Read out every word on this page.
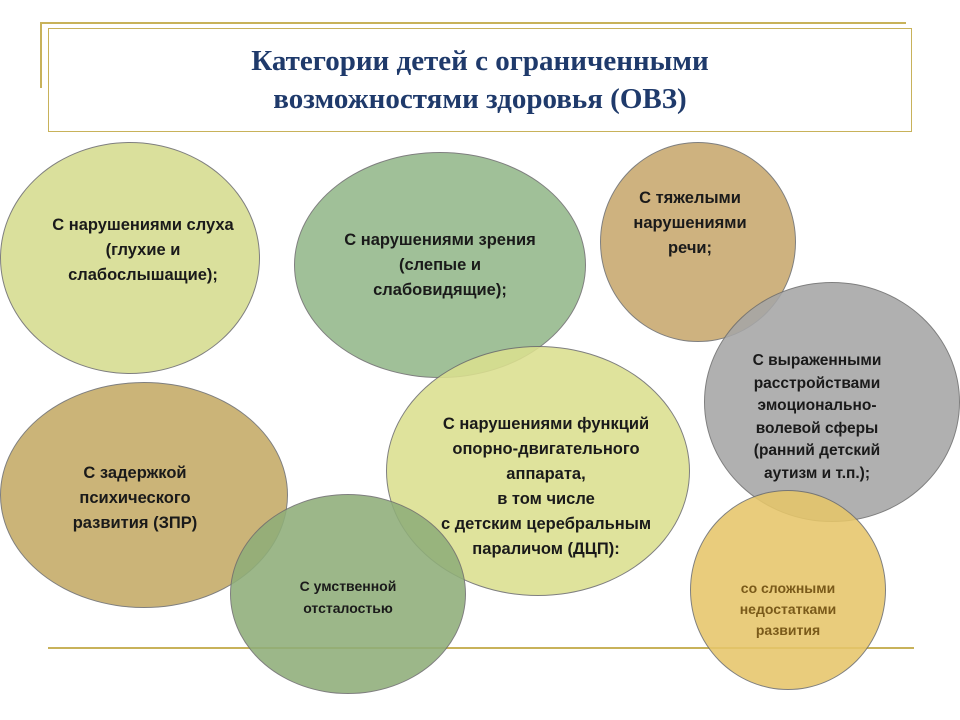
Категории детей с ограниченными
возможностями здоровья (ОВЗ)
С нарушениями слуха
(глухие и
слабослышащие);
С нарушениями зрения
(слепые и
слабовидящие);
С тяжелыми
нарушениями
речи;
С выраженными
расстройствами
эмоционально-
волевой сферы
(ранний детский
аутизм и т.п.);
С задержкой
психического
развития (ЗПР)
С нарушениями функций
опорно-двигательного
аппарата,
в том числе
с детским церебральным
параличом (ДЦП):
С умственной
отсталостью
со сложными
недостатками
развития
